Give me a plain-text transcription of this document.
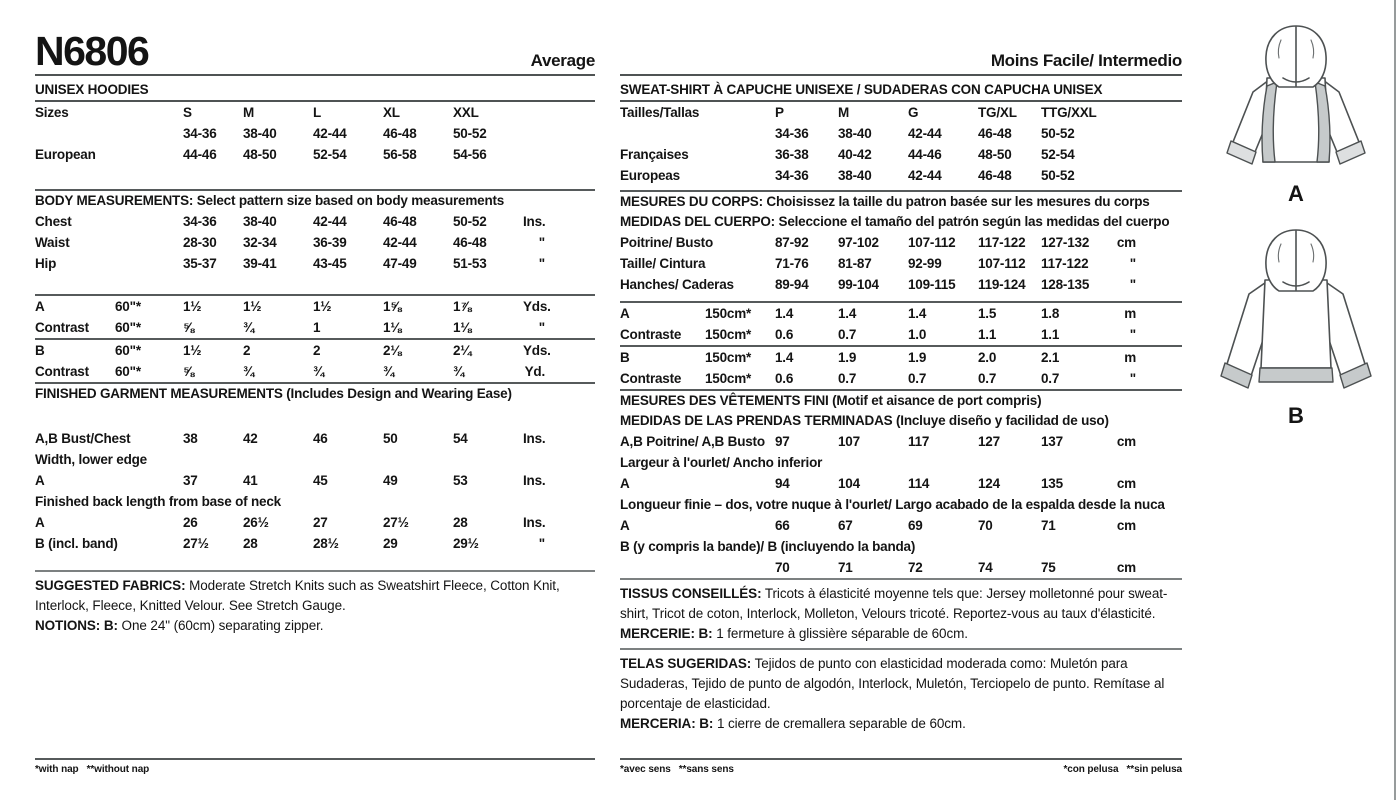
N6806	Average
UNISEX HOODIES
Sizes	S	M	L	XL	XXL
34-36	38-40	42-44	46-48	50-52
European	44-46	48-50	52-54	56-58	54-56
BODY MEASUREMENTS: Select pattern size based on body measurements
Chest	34-36	38-40	42-44	46-48	50-52	Ins.
Waist	28-30	32-34	36-39	42-44	46-48	"
Hip	35-37	39-41	43-45	47-49	51-53	"
A	60"*	1½	1½	1½	1⅝	1⅞	Yds.
Contrast	60"*	⅝	¾	1	1⅛	1⅛	"
B	60"*	1½	2	2	2⅛	2¼	Yds.
Contrast	60"*	⅝	¾	¾	¾	¾	Yd.
FINISHED GARMENT MEASUREMENTS (Includes Design and Wearing Ease)
A,B Bust/Chest	38	42	46	50	54	Ins.
Width, lower edge
A	37	41	45	49	53	Ins.
Finished back length from base of neck
A	26	26½	27	27½	28	Ins.
B (incl. band)	27½	28	28½	29	29½	"
SUGGESTED FABRICS: Moderate Stretch Knits such as Sweatshirt Fleece, Cotton Knit, Interlock, Fleece, Knitted Velour. See Stretch Gauge.
NOTIONS: B: One 24" (60cm) separating zipper.
*with nap   **without nap
Moins Facile/ Intermedio
SWEAT-SHIRT À CAPUCHE UNISEXE / SUDADERAS CON CAPUCHA UNISEX
Tailles/Tallas	P	M	G	TG/XL	TTG/XXL
34-36	38-40	42-44	46-48	50-52
Françaises	36-38	40-42	44-46	48-50	52-54
Europeas	34-36	38-40	42-44	46-48	50-52
MESURES DU CORPS: Choisissez la taille du patron basée sur les mesures du corps
MEDIDAS DEL CUERPO: Seleccione el tamaño del patrón según las medidas del cuerpo
Poitrine/ Busto	87-92	97-102	107-112	117-122	127-132	cm
Taille/ Cintura	71-76	81-87	92-99	107-112	117-122	"
Hanches/ Caderas	89-94	99-104	109-115	119-124	128-135	"
A	150cm* 1.4	1.4	1.4	1.5	1.8	m
Contraste	150cm* 0.6	0.7	1.0	1.1	1.1	"
B	150cm* 1.4	1.9	1.9	2.0	2.1	m
Contraste	150cm* 0.6	0.7	0.7	0.7	0.7	"
MESURES DES VÊTEMENTS FINI (Motif et aisance de port compris)
MEDIDAS DE LAS PRENDAS TERMINADAS (Incluye diseño y facilidad de uso)
A,B Poitrine/ A,B Busto 97	107	117	127	137	cm
Largeur à l'ourlet/ Ancho inferior
A	94	104	114	124	135	cm
Longueur finie – dos, votre nuque à l'ourlet/ Largo acabado de la espalda desde la nuca
A	66	67	69	70	71	cm
B (y compris la bande)/ B (incluyendo la banda)
70	71	72	74	75	cm
TISSUS CONSEILLÉS: Tricots à élasticité moyenne tels que: Jersey molletonné pour sweat-shirt, Tricot de coton, Interlock, Molleton, Velours tricoté. Reportez-vous au taux d'élasticité.
MERCERIE: B: 1 fermeture à glissière séparable de 60cm.
TELAS SUGERIDAS: Tejidos de punto con elasticidad moderada como: Muletón para Sudaderas, Tejido de punto de algodón, Interlock, Muletón, Terciopelo de punto. Remítase al porcentaje de elasticidad.
MERCERIA: B: 1 cierre de cremallera separable de 60cm.
*avec sens   **sans sens	*con pelusa   **sin pelusa
A
B
